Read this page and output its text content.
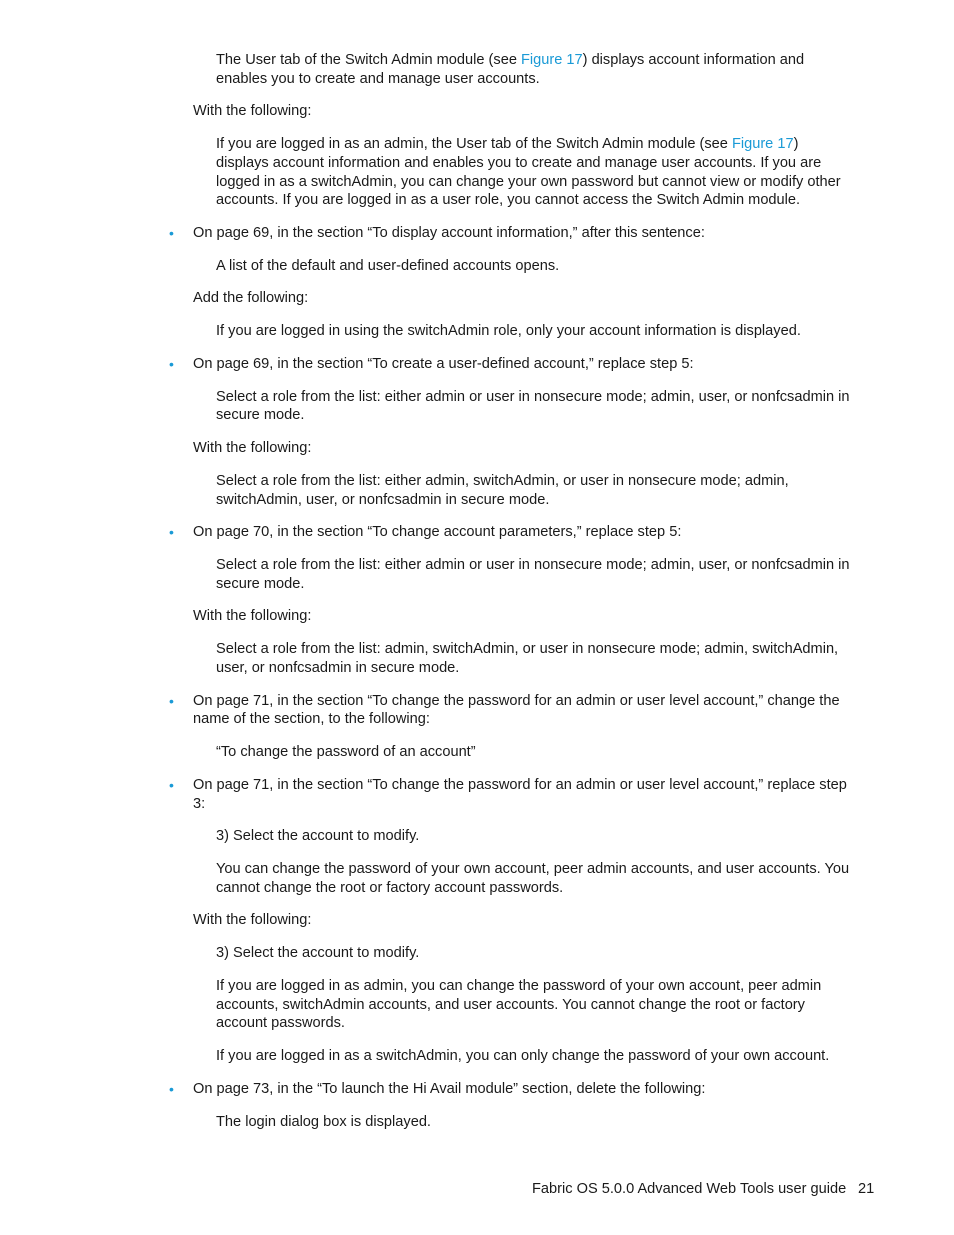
The User tab of the Switch Admin module (see Figure 17) displays account information and
enables you to create and manage user accounts.
With the following:
If you are logged in as an admin, the User tab of the Switch Admin module (see Figure 17)
displays account information and enables you to create and manage user accounts. If you are
logged in as a switchAdmin, you can change your own password but cannot view or modify other
accounts. If you are logged in as a user role, you cannot access the Switch Admin module.
• On page 69, in the section “To display account information,” after this sentence:
A list of the default and user-defined accounts opens.
Add the following:
If you are logged in using the switchAdmin role, only your account information is displayed.
• On page 69, in the section “To create a user-defined account,” replace step 5:
Select a role from the list: either admin or user in nonsecure mode; admin, user, or nonfcsadmin in
secure mode.
With the following:
Select a role from the list: either admin, switchAdmin, or user in nonsecure mode; admin,
switchAdmin, user, or nonfcsadmin in secure mode.
• On page 70, in the section “To change account parameters,” replace step 5:
Select a role from the list: either admin or user in nonsecure mode; admin, user, or nonfcsadmin in
secure mode.
With the following:
Select a role from the list: admin, switchAdmin, or user in nonsecure mode; admin, switchAdmin,
user, or nonfcsadmin in secure mode.
• On page 71, in the section “To change the password for an admin or user level account,” change the
name of the section, to the following:
“To change the password of an account”
• On page 71, in the section “To change the password for an admin or user level account,” replace step
3:
3) Select the account to modify.
You can change the password of your own account, peer admin accounts, and user accounts. You
cannot change the root or factory account passwords.
With the following:
3) Select the account to modify.
If you are logged in as admin, you can change the password of your own account, peer admin
accounts, switchAdmin accounts, and user accounts. You cannot change the root or factory
account passwords.
If you are logged in as a switchAdmin, you can only change the password of your own account.
• On page 73, in the “To launch the Hi Avail module” section, delete the following:
The login dialog box is displayed.
Fabric OS 5.0.0 Advanced Web Tools user guide 21
